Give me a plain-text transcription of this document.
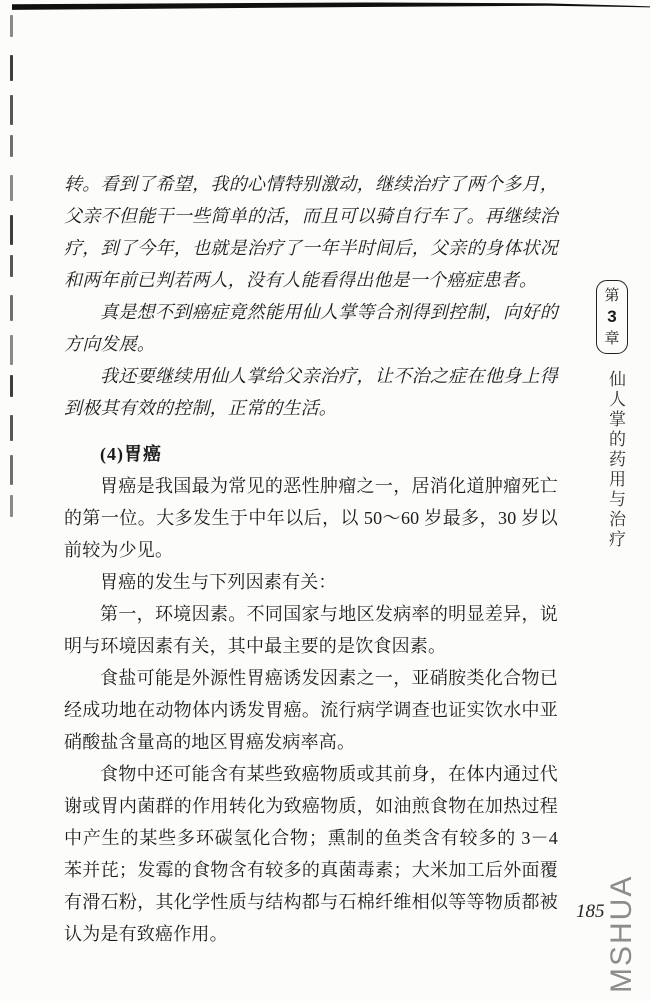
转。看到了希望，我的心情特别激动，继续治疗了两个多月，父亲不但能干一些简单的活，而且可以骑自行车了。再继续治疗，到了今年，也就是治疗了一年半时间后，父亲的身体状况和两年前已判若两人，没有人能看得出他是一个癌症患者。

真是想不到癌症竟然能用仙人掌等合剂得到控制，向好的方向发展。

我还要继续用仙人掌给父亲治疗，让不治之症在他身上得到极其有效的控制，正常的生活。

(4)胃癌

胃癌是我国最为常见的恶性肿瘤之一，居消化道肿瘤死亡的第一位。大多发生于中年以后，以 50～60 岁最多，30 岁以前较为少见。

胃癌的发生与下列因素有关：

第一，环境因素。不同国家与地区发病率的明显差异，说明与环境因素有关，其中最主要的是饮食因素。

食盐可能是外源性胃癌诱发因素之一，亚硝胺类化合物已经成功地在动物体内诱发胃癌。流行病学调查也证实饮水中亚硝酸盐含量高的地区胃癌发病率高。

食物中还可能含有某些致癌物质或其前身，在体内通过代谢或胃内菌群的作用转化为致癌物质，如油煎食物在加热过程中产生的某些多环碳氢化合物；熏制的鱼类含有较多的 3－4 苯并芘；发霉的食物含有较多的真菌毒素；大米加工后外面覆有滑石粉，其化学性质与结构都与石棉纤维相似等等物质都被认为是有致癌作用。

第
3
章
仙人掌的药用与治疗
185 MSHUA
